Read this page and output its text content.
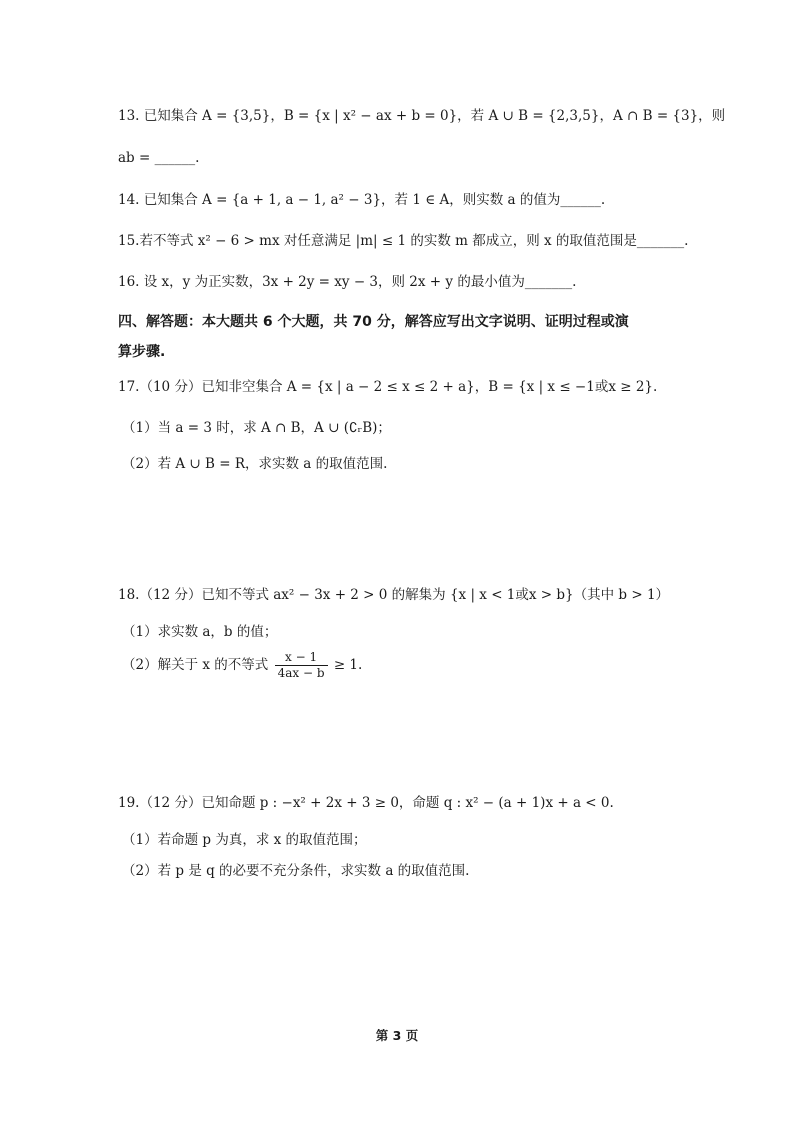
13. 已知集合 A = {3,5}，B = {x | x² − ax + b = 0}，若 A ∪ B = {2,3,5}，A ∩ B = {3}，则
ab = ______.
14. 已知集合 A = {a + 1, a − 1, a² − 3}，若 1 ∈ A，则实数 a 的值为______.
15.若不等式 x² − 6 > mx 对任意满足 |m| ≤ 1 的实数 m 都成立，则 x 的取值范围是_______.
16. 设 x，y 为正实数，3x + 2y = xy − 3，则 2x + y 的最小值为_______.
四、解答题：本大题共 6 个大题，共 70 分，解答应写出文字说明、证明过程或演
算步骤.
17.（10 分）已知非空集合 A = {x | a − 2 ≤ x ≤ 2 + a}，B = {x | x ≤ −1或x ≥ 2}.
（1）当 a = 3 时，求 A ∩ B，A ∪ (∁ᵣB)；
（2）若 A ∪ B = R，求实数 a 的取值范围.
18.（12 分）已知不等式 ax² − 3x + 2 > 0 的解集为 {x | x < 1或x > b}（其中 b > 1）
（1）求实数 a，b 的值；
（2）解关于 x 的不等式 $\frac{x - 1}{4ax - b} \ge 1$.
19.（12 分）已知命题 p : −x² + 2x + 3 ≥ 0，命题 q : x² − (a + 1)x + a < 0.
（1）若命题 p 为真，求 x 的取值范围；
（2）若 p 是 q 的必要不充分条件，求实数 a 的取值范围.
第 3 页
